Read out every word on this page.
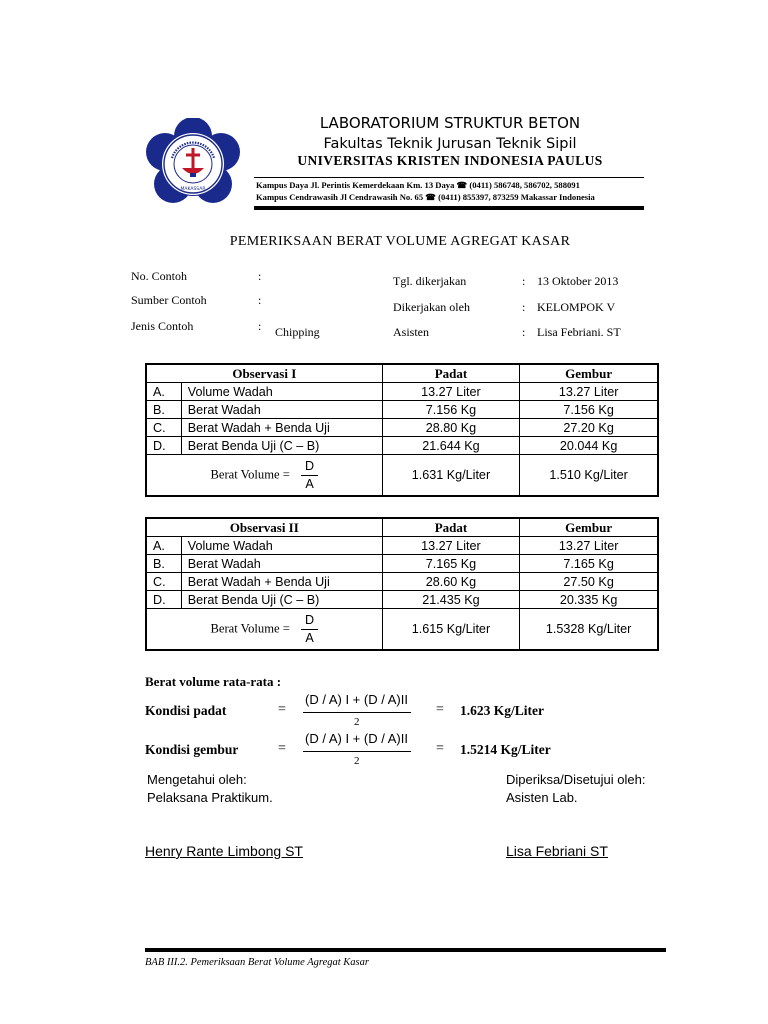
MAKASSAR
LABORATORIUM STRUKTUR BETON
Fakultas Teknik Jurusan Teknik Sipil
UNIVERSITAS KRISTEN INDONESIA PAULUS
Kampus Daya Jl. Perintis Kemerdekaan Km. 13 Daya ☎ (0411) 586748, 586702, 588091
Kampus Cendrawasih Jl Cendrawasih No. 65 ☎ (0411) 855397, 873259 Makassar Indonesia
PEMERIKSAAN BERAT VOLUME AGREGAT KASAR
No. Contoh	:
Sumber Contoh	:
Jenis Contoh	: Chipping
Tgl. dikerjakan	: 13 Oktober 2013
Dikerjakan oleh	: KELOMPOK V
Asisten	: Lisa Febriani. ST
Observasi I		Padat	Gembur
A.	Volume Wadah	13.27 Liter	13.27 Liter
B.	Berat Wadah	7.156 Kg	7.156 Kg
C.	Berat Wadah + Benda Uji	28.80 Kg	27.20 Kg
D.	Berat Benda Uji (C – B)	21.644 Kg	20.044 Kg
Berat Volume = $\frac{D}{A}$		1.631 Kg/Liter	1.510 Kg/Liter
Observasi II		Padat	Gembur
A.	Volume Wadah	13.27 Liter	13.27 Liter
B.	Berat Wadah	7.165 Kg	7.165 Kg
C.	Berat Wadah + Benda Uji	28.60 Kg	27.50 Kg
D.	Berat Benda Uji (C – B)	21.435 Kg	20.335 Kg
Berat Volume = $\frac{D}{A}$		1.615 Kg/Liter	1.5328 Kg/Liter
Berat volume rata-rata :
Kondisi padat	=
(D / A) I + (D / A)II
2
= 1.623 Kg/Liter
Kondisi gembur	=
(D / A) I + (D / A)II
2
= 1.5214 Kg/Liter
Mengetahui oleh:
Pelaksana Praktikum.
Diperiksa/Disetujui oleh:
Asisten Lab.
Henry Rante Limbong ST	Lisa Febriani ST
BAB III.2. Pemeriksaan Berat Volume Agregat Kasar
